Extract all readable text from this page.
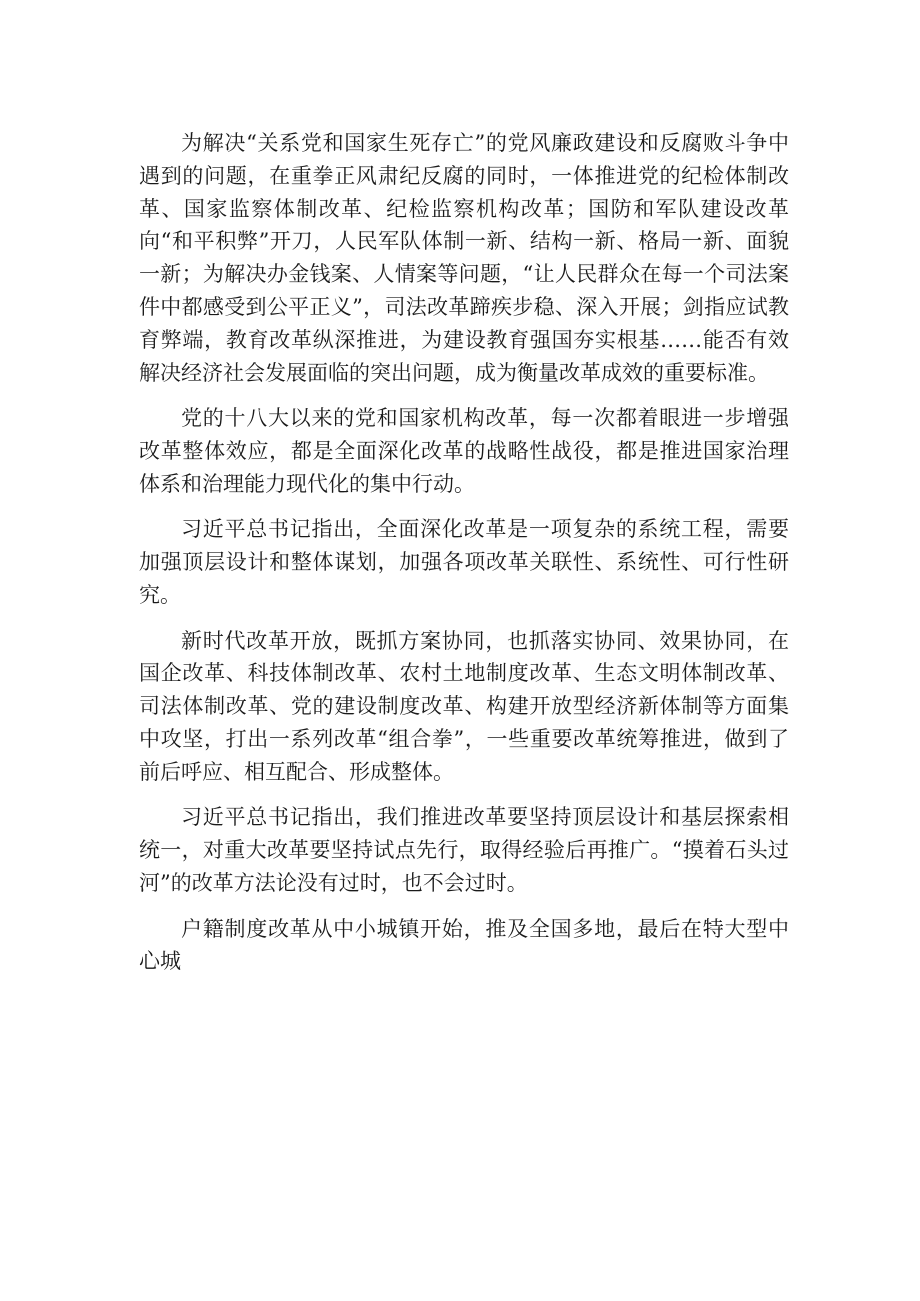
为解决“关系党和国家生死存亡”的党风廉政建设和反腐败斗争中遇到的问题，在重拳正风肃纪反腐的同时，一体推进党的纪检体制改革、国家监察体制改革、纪检监察机构改革；国防和军队建设改革向“和平积弊”开刀，人民军队体制一新、结构一新、格局一新、面貌一新；为解决办金钱案、人情案等问题，“让人民群众在每一个司法案件中都感受到公平正义”，司法改革蹄疾步稳、深入开展；剑指应试教育弊端，教育改革纵深推进，为建设教育强国夯实根基……能否有效解决经济社会发展面临的突出问题，成为衡量改革成效的重要标准。

党的十八大以来的党和国家机构改革，每一次都着眼进一步增强改革整体效应，都是全面深化改革的战略性战役，都是推进国家治理体系和治理能力现代化的集中行动。

习近平总书记指出，全面深化改革是一项复杂的系统工程，需要加强顶层设计和整体谋划，加强各项改革关联性、系统性、可行性研究。

新时代改革开放，既抓方案协同，也抓落实协同、效果协同，在国企改革、科技体制改革、农村土地制度改革、生态文明体制改革、司法体制改革、党的建设制度改革、构建开放型经济新体制等方面集中攻坚，打出一系列改革“组合拳”，一些重要改革统筹推进，做到了前后呼应、相互配合、形成整体。

习近平总书记指出，我们推进改革要坚持顶层设计和基层探索相统一，对重大改革要坚持试点先行，取得经验后再推广。“摸着石头过河”的改革方法论没有过时，也不会过时。

户籍制度改革从中小城镇开始，推及全国多地，最后在特大型中心城
